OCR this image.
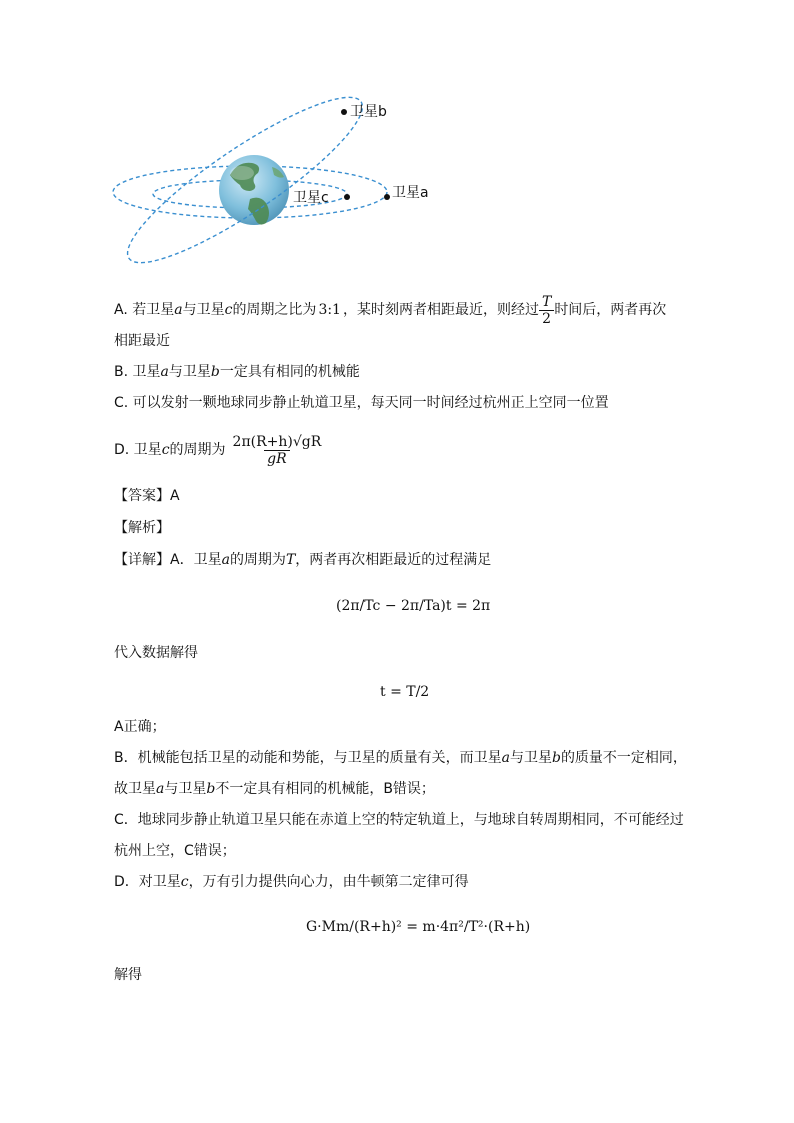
卫星b
卫星a
卫星c
A. 若卫星 a 与卫星 c 的周期之比为 3:1 ，某时刻两者相距最近，则经过 $\frac{T}{2}$ 时间后，两者再次
相距最近
B. 卫星a与卫星b一定具有相同的机械能
C. 可以发射一颗地球同步静止轨道卫星，每天同一时间经过杭州正上空同一位置
D. 卫星 c 的周期为 $\frac{2\pi(R+h)√gR}{gR}$
【答案】A
【解析】
【详解】A．卫星a的周期为T，两者再次相距最近的过程满足
(2π/Tc − 2π/Ta)t = 2π
代入数据解得
t = T/2
A正确；
B．机械能包括卫星的动能和势能，与卫星的质量有关，而卫星a与卫星b的质量不一定相同，
故卫星a与卫星b不一定具有相同的机械能，B错误；
C．地球同步静止轨道卫星只能在赤道上空的特定轨道上，与地球自转周期相同，不可能经过
杭州上空，C错误；
D．对卫星c，万有引力提供向心力，由牛顿第二定律可得
G·Mm/(R+h)² = m·4π²/T²·(R+h)
解得
